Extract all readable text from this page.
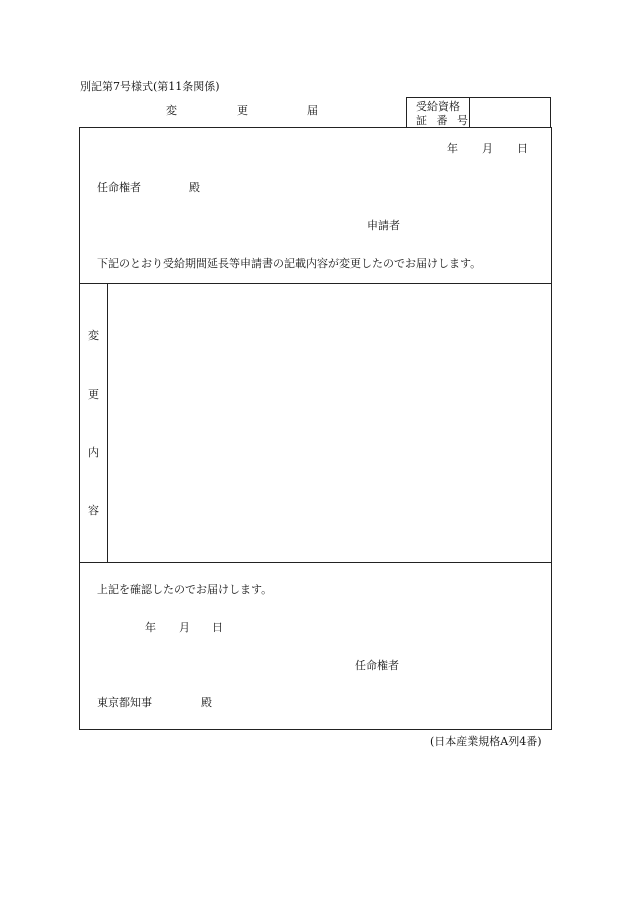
別記第7号様式(第11条関係)
変	更	届	受給資格
証 番 号
年 月 日
任命権者	殿
申請者
下記のとおり受給期間延長等申請書の記載内容が変更したのでお届けします。
変
更
内
容
上記を確認したのでお届けします。
年 月 日
任命権者
東京都知事	殿
(日本産業規格A列4番)
